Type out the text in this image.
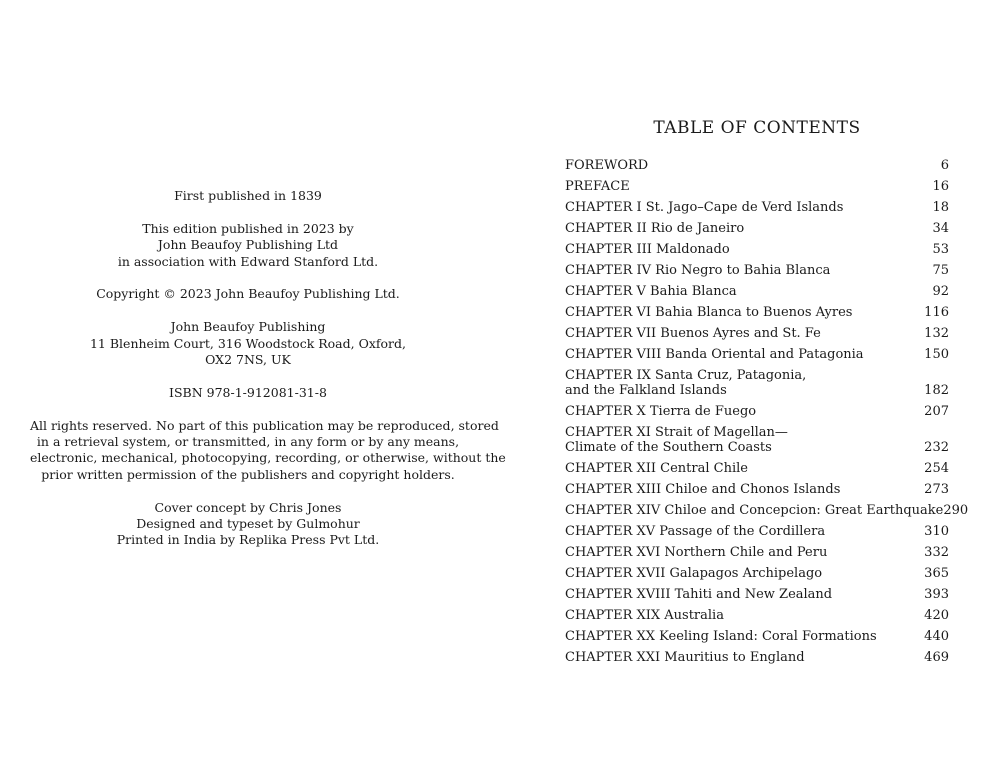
First published in 1839
This edition published in 2023 by
John Beaufoy Publishing Ltd
in association with Edward Stanford Ltd.
Copyright © 2023 John Beaufoy Publishing Ltd.
John Beaufoy Publishing
11 Blenheim Court, 316 Woodstock Road, Oxford,
OX2 7NS, UK
ISBN 978-1-912081-31-8
All rights reserved. No part of this publication may be reproduced, stored
in a retrieval system, or transmitted, in any form or by any means,
electronic, mechanical, photocopying, recording, or otherwise, without the
prior written permission of the publishers and copyright holders.
Cover concept by Chris Jones
Designed and typeset by Gulmohur
Printed in India by Replika Press Pvt Ltd.
TABLE OF CONTENTS
FOREWORD	6
PREFACE	16
CHAPTER I St. Jago–Cape de Verd Islands	18
CHAPTER II Rio de Janeiro	34
CHAPTER III Maldonado	53
CHAPTER IV Rio Negro to Bahia Blanca	75
CHAPTER V Bahia Blanca	92
CHAPTER VI Bahia Blanca to Buenos Ayres	116
CHAPTER VII Buenos Ayres and St. Fe	132
CHAPTER VIII Banda Oriental and Patagonia	150
CHAPTER IX Santa Cruz, Patagonia,
and the Falkland Islands	182
CHAPTER X Tierra de Fuego	207
CHAPTER XI Strait of Magellan—
Climate of the Southern Coasts	232
CHAPTER XII Central Chile	254
CHAPTER XIII Chiloe and Chonos Islands	273
CHAPTER XIV Chiloe and Concepcion: Great Earthquake 290
CHAPTER XV Passage of the Cordillera	310
CHAPTER XVI Northern Chile and Peru	332
CHAPTER XVII Galapagos Archipelago	365
CHAPTER XVIII Tahiti and New Zealand	393
CHAPTER XIX Australia	420
CHAPTER XX Keeling Island: Coral Formations	440
CHAPTER XXI Mauritius to England	469
